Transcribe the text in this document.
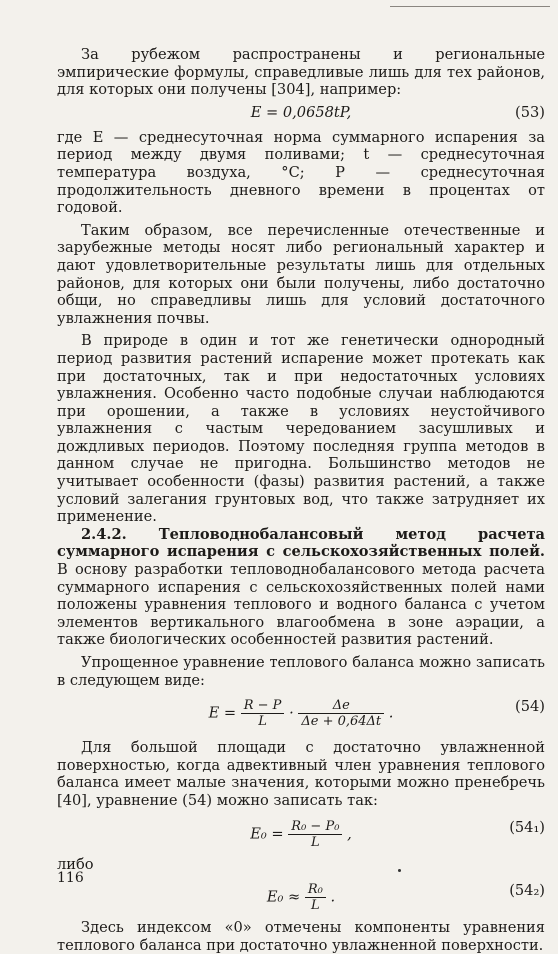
За рубежом распространены и региональные эмпирические формулы, справедливые лишь для тех районов, для которых они получены [304], например:

E = 0,0658tP,	(53)

где E — среднесуточная норма суммарного испарения за период между двумя поливами; t — среднесуточная температура воздуха, °С; P — среднесуточная продолжительность дневного времени в процентах от годовой.

Таким образом, все перечисленные отечественные и зарубежные методы носят либо региональный характер и дают удовлетворительные результаты лишь для отдельных районов, для которых они были получены, либо достаточно общи, но справедливы лишь для условий достаточного увлажнения почвы.

В природе в один и тот же генетически однородный период развития растений испарение может протекать как при достаточных, так и при недостаточных условиях увлажнения. Особенно часто подобные случаи наблюдаются при орошении, а также в условиях неустойчивого увлажнения с частым чередованием засушливых и дождливых периодов. Поэтому последняя группа методов в данном случае не пригодна. Большинство методов не учитывает особенности (фазы) развития растений, а также условий залегания грунтовых вод, что также затрудняет их применение.

2.4.2. Тепловоднобалансовый метод расчета суммарного испарения с сельскохозяйственных полей. В основу разработки тепловоднобалансового метода расчета суммарного испарения с сельскохозяйственных полей нами положены уравнения теплового и водного баланса с учетом элементов вертикального влагообмена в зоне аэрации, а также биологических особенностей развития растений.

Упрощенное уравнение теплового баланса можно записать в следующем виде:

$E = \frac{R - P}{L} \cdot \frac{\Delta e}{\Delta e + 0,64\Delta t}$ .	(54)

Для большой площади с достаточно увлажненной поверхностью, когда адвективный член уравнения теплового баланса имеет малые значения, которыми можно пренебречь [40], уравнение (54) можно записать так:

$E_0 = \frac{\text{R₀ − P₀}}{L}$ ,	(54₁)

либо

$E_0 \approx \frac{\text{R₀}}{L}$ .	(54₂)

Здесь индексом «0» отмечены компоненты уравнения теплового баланса при достаточно увлажненной поверхности.

116
